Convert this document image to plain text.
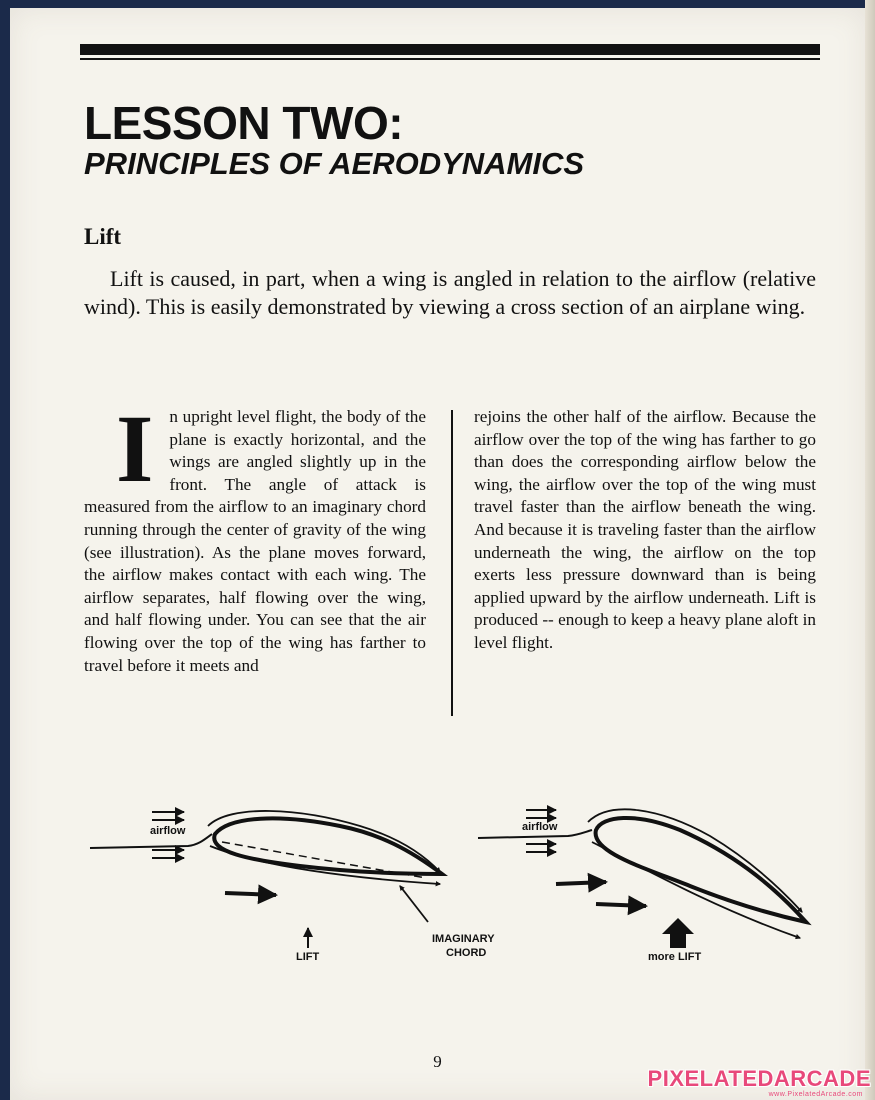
LESSON TWO:
PRINCIPLES OF AERODYNAMICS
Lift

Lift is caused, in part, when a wing is angled in relation to the airflow (relative wind). This is easily demonstrated by viewing a cross section of an airplane wing.

In upright level flight, the body of the plane is exactly horizontal, and the wings are angled slightly up in the front. The angle of attack is measured from the airflow to an imaginary chord running through the center of gravity of the wing (see illustration). As the plane moves forward, the airflow makes contact with each wing. The airflow separates, half flowing over the wing, and half flowing under. You can see that the air flowing over the top of the wing has farther to travel before it meets and
rejoins the other half of the airflow. Because the airflow over the top of the wing has farther to go than does the corresponding airflow below the wing, the airflow over the top of the wing must travel faster than the airflow beneath the wing. And because it is traveling faster than the airflow underneath the wing, the airflow on the top exerts less pressure downward than is being applied upward by the airflow underneath. Lift is produced -- enough to keep a heavy plane aloft in level flight.
airflow
LIFT
IMAGINARY
CHORD
airflow
more LIFT
9
PIXELATEDARCADE
www.PixelatedArcade.com
